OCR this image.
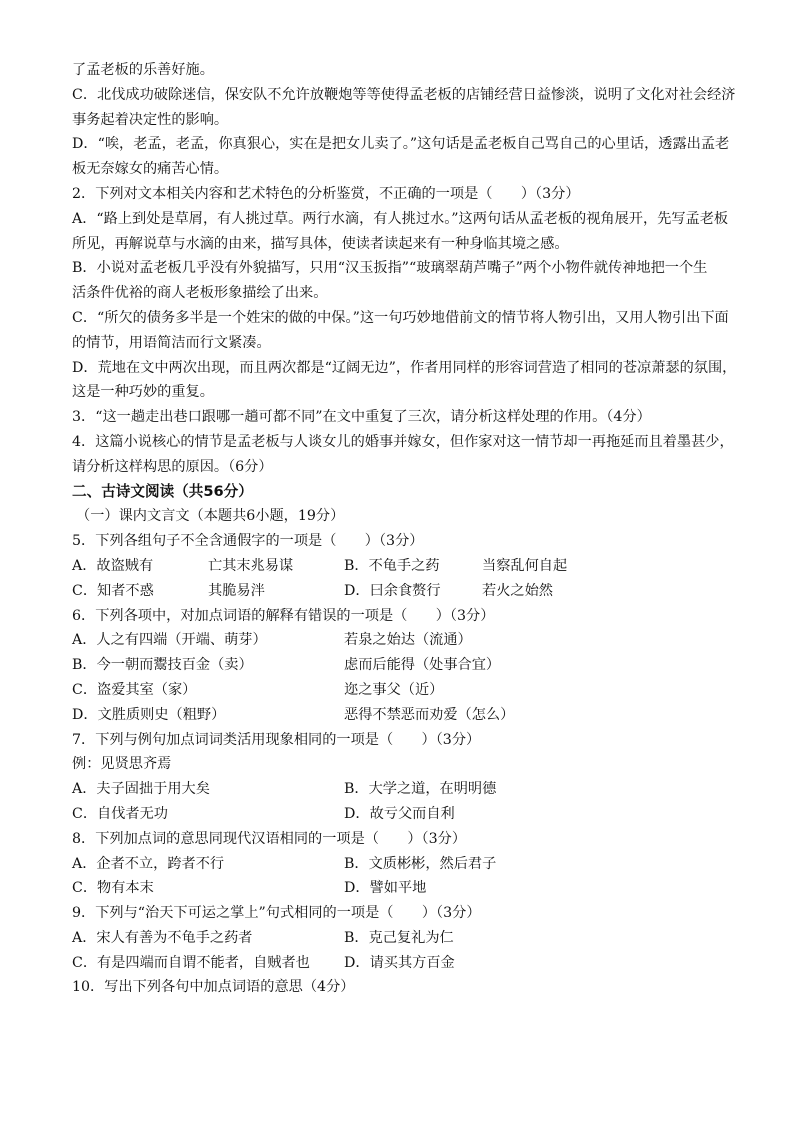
了孟老板的乐善好施。
C．北伐成功破除迷信，保安队不允许放鞭炮等等使得孟老板的店铺经营日益惨淡，说明了文化对社会经济
事务起着决定性的影响。
D．“唉，老孟，老孟，你真狠心，实在是把女儿卖了。”这句话是孟老板自己骂自己的心里话，透露出孟老
板无奈嫁女的痛苦心情。
2．下列对文本相关内容和艺术特色的分析鉴赏，不正确的一项是（　　）（3分）
A．“路上到处是草屑，有人挑过草。两行水滴，有人挑过水。”这两句话从孟老板的视角展开，先写孟老板
所见，再解说草与水滴的由来，描写具体，使读者读起来有一种身临其境之感。
B．小说对孟老板几乎没有外貌描写，只用“汉玉扳指”“玻璃翠葫芦嘴子”两个小物件就传神地把一个生
活条件优裕的商人老板形象描绘了出来。
C．“所欠的债务多半是一个姓宋的做的中保。”这一句巧妙地借前文的情节将人物引出，又用人物引出下面
的情节，用语简洁而行文紧凑。
D．荒地在文中两次出现，而且两次都是“辽阔无边”，作者用同样的形容词营造了相同的苍凉萧瑟的氛围，
这是一种巧妙的重复。
3．“这一趟走出巷口跟哪一趟可都不同”在文中重复了三次，请分析这样处理的作用。（4分）
4．这篇小说核心的情节是孟老板与人谈女儿的婚事并嫁女，但作家对这一情节却一再拖延而且着墨甚少，
请分析这样构思的原因。（6分）
二、古诗文阅读（共56分）
（一）课内文言文（本题共6小题，19分）
5．下列各组句子不全含通假字的一项是（　　）（3分）
A．故盗贼有	亡其末兆易谋	B．不龟手之药	当察乱何自起
C．知者不惑	其脆易泮	D．曰余食赘行	若火之始然
6．下列各项中，对加点词语的解释有错误的一项是（　　）（3分）
A．人之有四端（开端、萌芽）	若泉之始达（流通）
B．今一朝而鬻技百金（卖）	虑而后能得（处事合宜）
C．盗爱其室（家）	迩之事父（近）
D．文胜质则史（粗野）	恶得不禁恶而劝爱（怎么）
7．下列与例句加点词词类活用现象相同的一项是（　　）（3分）
例：见贤思齐焉
A．夫子固拙于用大矣	B．大学之道，在明明德
C．自伐者无功	D．故亏父而自利
8．下列加点词的意思同现代汉语相同的一项是（　　）（3分）
A．企者不立，跨者不行	B．文质彬彬，然后君子
C．物有本末	D．譬如平地
9．下列与“治天下可运之掌上”句式相同的一项是（　　）（3分）
A．宋人有善为不龟手之药者	B．克己复礼为仁
C．有是四端而自谓不能者，自贼者也	D．请买其方百金
10．写出下列各句中加点词语的意思（4分）
